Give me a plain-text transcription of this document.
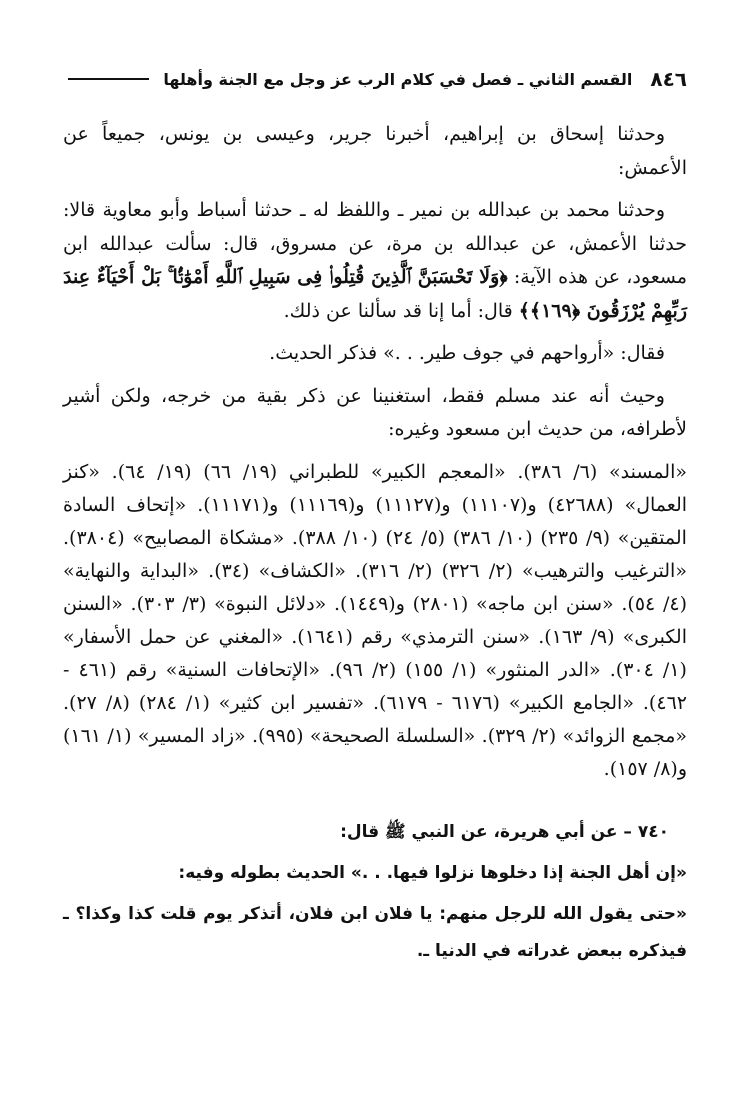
٨٤٦
القسم الثاني ـ فصل في كلام الرب عز وجل مع الجنة وأهلها

وحدثنا إسحاق بن إبراهيم، أخبرنا جرير، وعيسى بن يونس، جميعاً عن الأعمش:

وحدثنا محمد بن عبدالله بن نمير ـ واللفظ له ـ حدثنا أسباط وأبو معاوية قالا: حدثنا الأعمش، عن عبدالله بن مرة، عن مسروق، قال: سألت عبدالله ابن مسعود، عن هذه الآية: ﴿وَلَا تَحْسَبَنَّ ٱلَّذِينَ قُتِلُوا۟ فِى سَبِيلِ ٱللَّهِ أَمْوَٰتًۢا ۚ بَلْ أَحْيَآءٌ عِندَ رَبِّهِمْ يُرْزَقُونَ ﴿١٦٩﴾﴾ قال: أما إنا قد سألنا عن ذلك.

فقال: «أرواحهم في جوف طير. . .» فذكر الحديث.

وحيث أنه عند مسلم فقط، استغنينا عن ذكر بقية من خرجه، ولكن أشير لأطرافه، من حديث ابن مسعود وغيره:

«المسند» (٦/ ٣٨٦). «المعجم الكبير» للطبراني (١٩/ ٦٦) (١٩/ ٦٤). «كنز العمال» (٤٢٦٨٨) و(١١١٠٧) و(١١١٢٧) و(١١١٦٩) و(١١١٧١). «إتحاف السادة المتقين» (٩/ ٢٣٥) (١٠/ ٣٨٦) (٥/ ٢٤) (١٠/ ٣٨٨). «مشكاة المصابيح» (٣٨٠٤). «الترغيب والترهيب» (٢/ ٣٢٦) (٢/ ٣١٦). «الكشاف» (٣٤). «البداية والنهاية» (٤/ ٥٤). «سنن ابن ماجه» (٢٨٠١) و(١٤٤٩). «دلائل النبوة» (٣/ ٣٠٣). «السنن الكبرى» (٩/ ١٦٣). «سنن الترمذي» رقم (١٦٤١). «المغني عن حمل الأسفار» (١/ ٣٠٤). «الدر المنثور» (١/ ١٥٥) (٢/ ٩٦). «الإتحافات السنية» رقم (٤٦١ - ٤٦٢). «الجامع الكبير» (٦١٧٦ - ٦١٧٩). «تفسير ابن كثير» (١/ ٢٨٤) (٨/ ٢٧). «مجمع الزوائد» (٢/ ٣٢٩). «السلسلة الصحيحة» (٩٩٥). «زاد المسير» (١/ ١٦١) و(٨/ ١٥٧).

٧٤٠ – عن أبي هريرة، عن النبي ﷺ قال:

«إن أهل الجنة إذا دخلوها نزلوا فيها. . .» الحديث بطوله وفيه:

«حتى يقول الله للرجل منهم: يا فلان ابن فلان، أتذكر يوم قلت كذا وكذا؟ ـ فيذكره ببعض غدراته في الدنيا ـ.
